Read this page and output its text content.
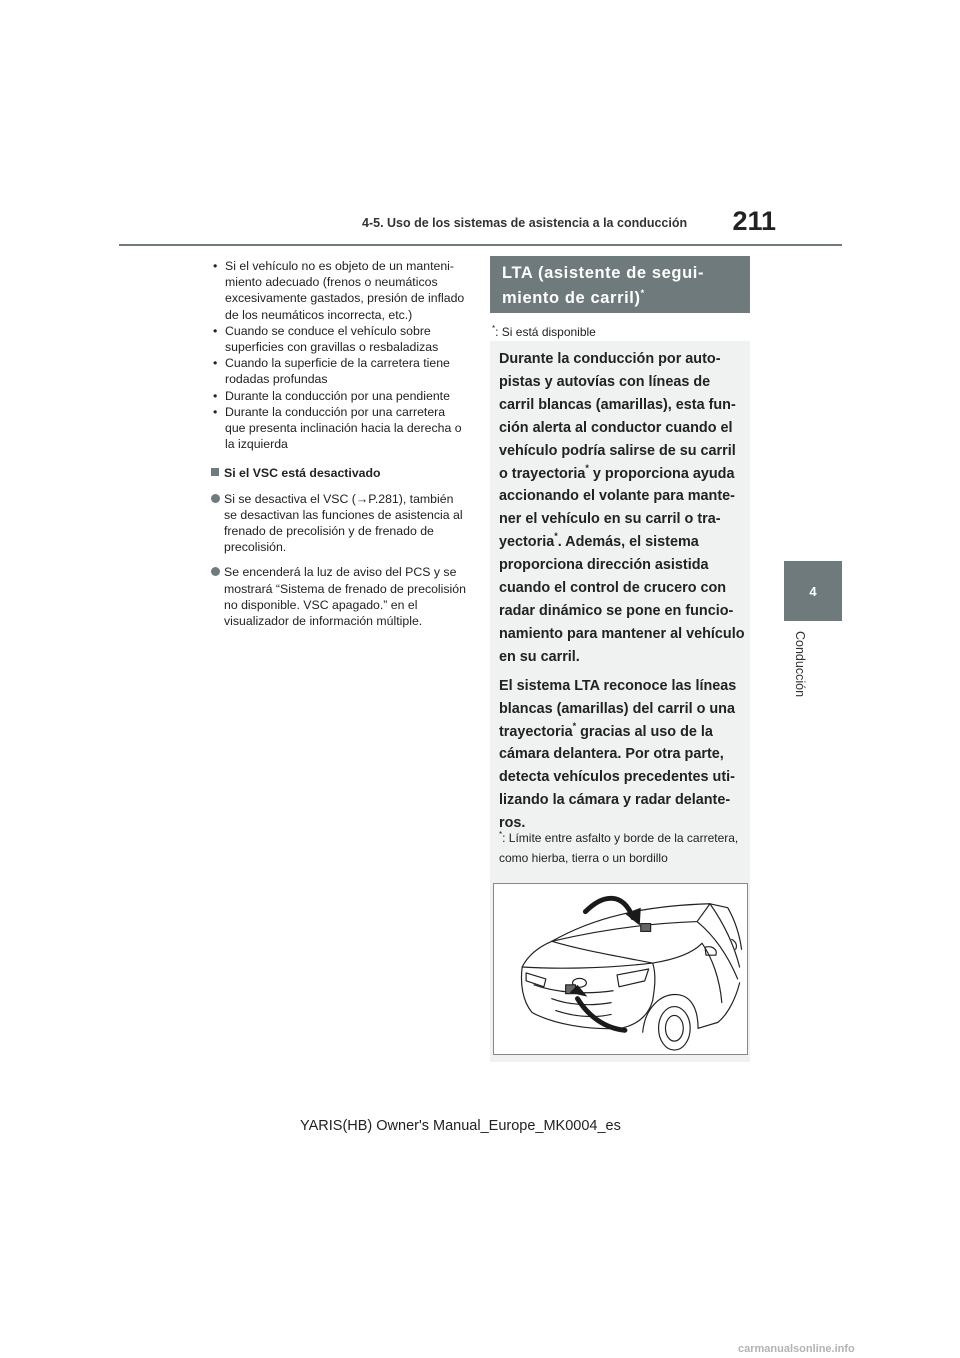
4-5. Uso de los sistemas de asistencia a la conducción	211
4
Conducción
• Si el vehículo no es objeto de un mantenimiento adecuado (frenos o neumáticos excesivamente gastados, presión de inflado de los neumáticos incorrecta, etc.)
• Cuando se conduce el vehículo sobre superficies con gravillas o resbaladizas
• Cuando la superficie de la carretera tiene rodadas profundas
• Durante la conducción por una pendiente
• Durante la conducción por una carretera que presenta inclinación hacia la derecha o la izquierda
Si el VSC está desactivado
Si se desactiva el VSC (→P.281), también se desactivan las funciones de asistencia al frenado de precolisión y de frenado de precolisión.
Se encenderá la luz de aviso del PCS y se mostrará “Sistema de frenado de precolisión no disponible. VSC apagado.” en el visualizador de información múltiple.
LTA (asistente de seguimiento de carril)*
*: Si está disponible

Durante la conducción por autopistas y autovías con líneas de carril blancas (amarillas), esta función alerta al conductor cuando el vehículo podría salirse de su carril o trayectoria* y proporciona ayuda accionando el volante para mantener el vehículo en su carril o trayectoria*. Además, el sistema proporciona dirección asistida cuando el control de crucero con radar dinámico se pone en funcionamiento para mantener al vehículo en su carril.

El sistema LTA reconoce las líneas blancas (amarillas) del carril o una trayectoria* gracias al uso de la cámara delantera. Por otra parte, detecta vehículos precedentes utilizando la cámara y radar delanteros.

*: Límite entre asfalto y borde de la carretera, como hierba, tierra o un bordillo
YARIS(HB) Owner's Manual_Europe_MK0004_es
carmanualsonline.info
